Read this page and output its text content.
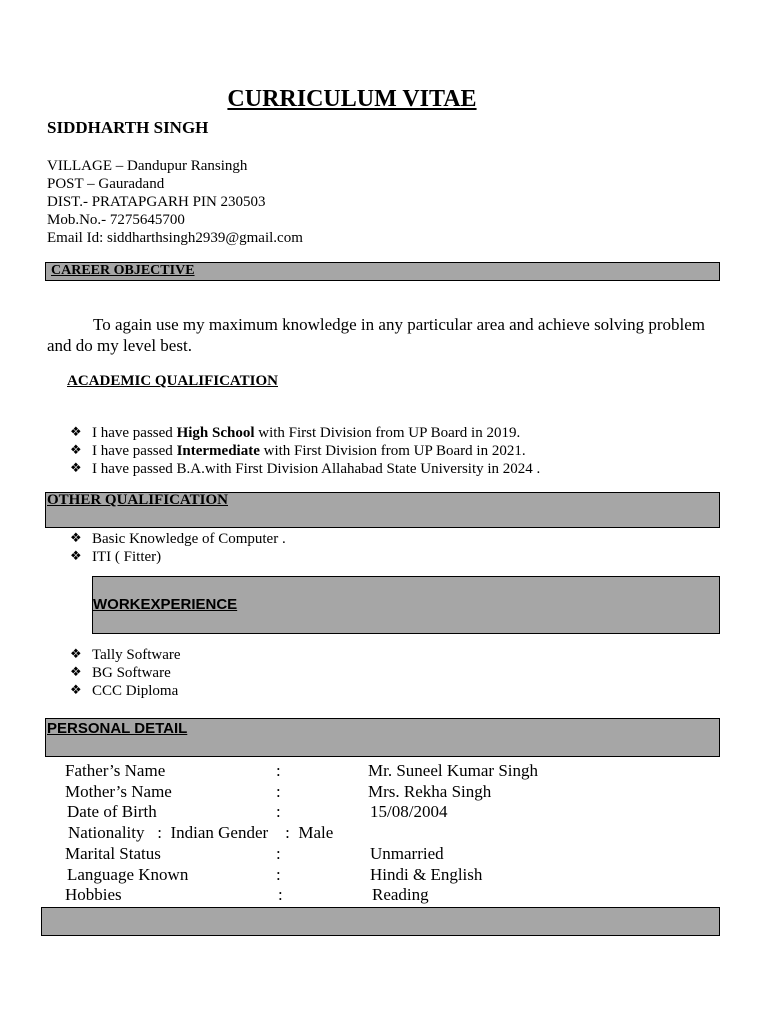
CURRICULUM VITAE
SIDDHARTH SINGH
VILLAGE – Dandupur Ransingh
POST – Gauradand
DIST.- PRATAPGARH PIN 230503
Mob.No.- 7275645700
Email Id: siddharthsingh2939@gmail.com
CAREER OBJECTIVE
To again use my maximum knowledge in any particular area and achieve solving problem and do my level best.
ACADEMIC QUALIFICATION
❖ I have passed High School with First Division from UP Board in 2019.
❖ I have passed Intermediate with First Division from UP Board in 2021.
❖ I have passed B.A.with First Division Allahabad State University in 2024 .
OTHER QUALIFICATION
❖ Basic Knowledge of Computer .
❖ ITI ( Fitter)
WORKEXPERIENCE
❖ Tally Software
❖ BG Software
❖ CCC Diploma
PERSONAL DETAIL
Father’s Name	:	Mr. Suneel Kumar Singh
Mother’s Name	:	Mrs. Rekha Singh
Date of Birth	:	15/08/2004
Nationality   :  Indian Gender    :  Male
Marital Status	:	Unmarried
Language Known	:	Hindi & English
Hobbies	:	Reading
